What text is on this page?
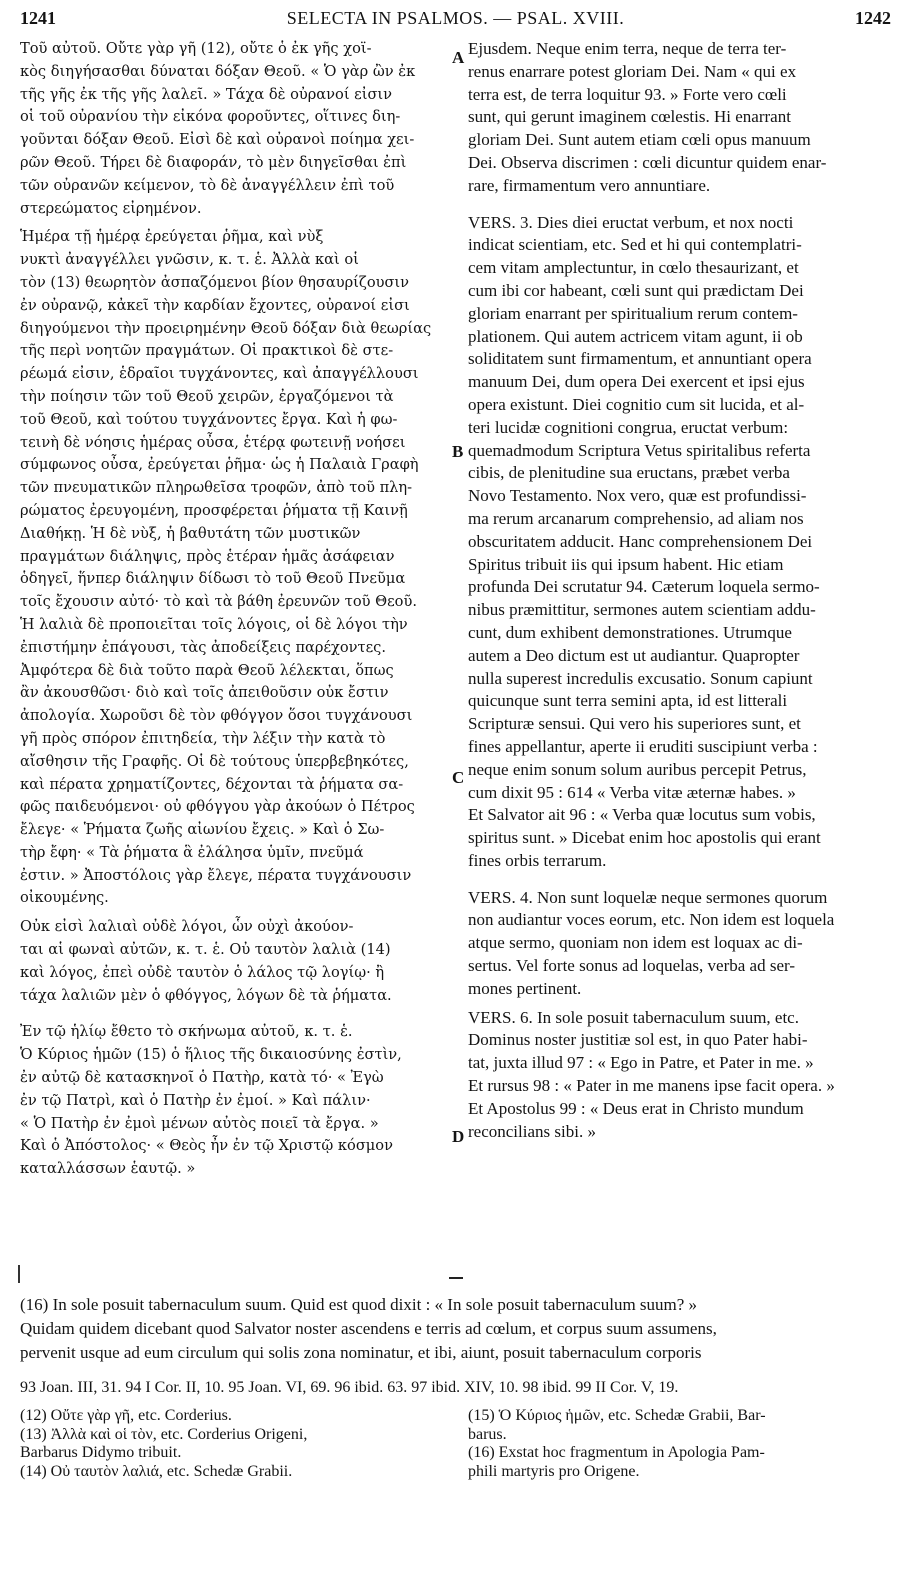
1241	SELECTA IN PSALMOS. — PSAL. XVIII.	1242
Τοῦ αὐτοῦ. Οὔτε γὰρ γῆ (12), οὔτε ὁ ἐκ γῆς χοϊ-
κὸς διηγήσασθαι δύναται δόξαν Θεοῦ. « Ὁ γὰρ ὢν ἐκ
τῆς γῆς ἐκ τῆς γῆς λαλεῖ. » Τάχα δὲ οὐρανοί εἰσιν
οἱ τοῦ οὐρανίου τὴν εἰκόνα φοροῦντες, οἵτινες διη-
γοῦνται δόξαν Θεοῦ. Εἰσὶ δὲ καὶ οὐρανοὶ ποίημα χει-
ρῶν Θεοῦ. Τήρει δὲ διαφοράν, τὸ μὲν διηγεῖσθαι ἐπὶ
τῶν οὐρανῶν κείμενον, τὸ δὲ ἀναγγέλλειν ἐπὶ τοῦ
στερεώματος εἰρημένον.
Ἡμέρα τῇ ἡμέρᾳ ἐρεύγεται ῥῆμα, καὶ νὺξ
νυκτὶ ἀναγγέλλει γνῶσιν, κ. τ. ἑ. Ἀλλὰ καὶ οἱ
τὸν (13) θεωρητὸν ἀσπαζόμενοι βίον θησαυρίζουσιν
ἐν οὐρανῷ, κἀκεῖ τὴν καρδίαν ἔχοντες, οὐρανοί εἰσι
διηγούμενοι τὴν προειρημένην Θεοῦ δόξαν διὰ θεωρίας
τῆς περὶ νοητῶν πραγμάτων. Οἱ πρακτικοὶ δὲ στε-
ρέωμά εἰσιν, ἑδραῖοι τυγχάνοντες, καὶ ἀπαγγέλλουσι
τὴν ποίησιν τῶν τοῦ Θεοῦ χειρῶν, ἐργαζόμενοι τὰ
τοῦ Θεοῦ, καὶ τούτου τυγχάνοντες ἔργα. Καὶ ἡ φω-
τεινὴ δὲ νόησις ἡμέρας οὖσα, ἑτέρᾳ φωτεινῇ νοήσει
σύμφωνος οὖσα, ἐρεύγεται ῥῆμα· ὡς ἡ Παλαιὰ Γραφὴ
τῶν πνευματικῶν πληρωθεῖσα τροφῶν, ἀπὸ τοῦ πλη-
ρώματος ἐρευγομένη, προσφέρεται ῥήματα τῇ Καινῇ
Διαθήκῃ. Ἡ δὲ νὺξ, ἡ βαθυτάτη τῶν μυστικῶν
πραγμάτων διάληψις, πρὸς ἑτέραν ἡμᾶς ἀσάφειαν
ὁδηγεῖ, ἥνπερ διάληψιν δίδωσι τὸ τοῦ Θεοῦ Πνεῦμα
τοῖς ἔχουσιν αὐτό· τὸ καὶ τὰ βάθη ἐρευνῶν τοῦ Θεοῦ.
Ἡ λαλιὰ δὲ προποιεῖται τοῖς λόγοις, οἱ δὲ λόγοι τὴν
ἐπιστήμην ἐπάγουσι, τὰς ἀποδείξεις παρέχοντες.
Ἀμφότερα δὲ διὰ τοῦτο παρὰ Θεοῦ λέλεκται, ὅπως
ἂν ἀκουσθῶσι· διὸ καὶ τοῖς ἀπειθοῦσιν οὐκ ἔστιν
ἀπολογία. Χωροῦσι δὲ τὸν φθόγγον ὅσοι τυγχάνουσι
γῆ πρὸς σπόρον ἐπιτηδεία, τὴν λέξιν τὴν κατὰ τὸ
αἴσθησιν τῆς Γραφῆς. Οἱ δὲ τούτους ὑπερβεβηκότες,
καὶ πέρατα χρηματίζοντες, δέχονται τὰ ῥήματα σα-
φῶς παιδευόμενοι· οὐ φθόγγου γὰρ ἀκούων ὁ Πέτρος
ἔλεγε· « Ῥήματα ζωῆς αἰωνίου ἔχεις. » Καὶ ὁ Σω-
τὴρ ἔφη· « Τὰ ῥήματα ἃ ἐλάλησα ὑμῖν, πνεῦμά
ἐστιν. » Ἀποστόλοις γὰρ ἔλεγε, πέρατα τυγχάνουσιν
οἰκουμένης.
Οὐκ εἰσὶ λαλιαὶ οὐδὲ λόγοι, ὧν οὐχὶ ἀκούον-
ται αἱ φωναὶ αὐτῶν, κ. τ. ἑ. Οὐ ταυτὸν λαλιὰ (14)
καὶ λόγος, ἐπεὶ οὐδὲ ταυτὸν ὁ λάλος τῷ λογίῳ· ἢ
τάχα λαλιῶν μὲν ὁ φθόγγος, λόγων δὲ τὰ ῥήματα.
Ἐν τῷ ἡλίῳ ἔθετο τὸ σκήνωμα αὐτοῦ, κ. τ. ἑ.
Ὁ Κύριος ἡμῶν (15) ὁ ἥλιος τῆς δικαιοσύνης ἐστὶν,
ἐν αὐτῷ δὲ κατασκηνοῖ ὁ Πατὴρ, κατὰ τό· « Ἐγὼ
ἐν τῷ Πατρὶ, καὶ ὁ Πατὴρ ἐν ἐμοί. » Καὶ πάλιν·
« Ὁ Πατὴρ ἐν ἐμοὶ μένων αὐτὸς ποιεῖ τὰ ἔργα. »
Καὶ ὁ Ἀπόστολος· « Θεὸς ἦν ἐν τῷ Χριστῷ κόσμον
καταλλάσσων ἑαυτῷ. »
Ejusdem. Neque enim terra, neque de terra ter-
renus enarrare potest gloriam Dei. Nam « qui ex
terra est, de terra loquitur 93. » Forte vero cœli
sunt, qui gerunt imaginem cœlestis. Hi enarrant
gloriam Dei. Sunt autem etiam cœli opus manuum
Dei. Observa discrimen : cœli dicuntur quidem enar-
rare, firmamentum vero annuntiare.
VERS. 3. Dies diei eructat verbum, et nox nocti
indicat scientiam, etc. Sed et hi qui contemplatri-
cem vitam amplectuntur, in cœlo thesaurizant, et
cum ibi cor habeant, cœli sunt qui prædictam Dei
gloriam enarrant per spiritualium rerum contem-
plationem. Qui autem actricem vitam agunt, ii ob
soliditatem sunt firmamentum, et annuntiant opera
manuum Dei, dum opera Dei exercent et ipsi ejus
opera existunt. Diei cognitio cum sit lucida, et al-
teri lucidæ cognitioni congrua, eructat verbum:
quemadmodum Scriptura Vetus spiritalibus referta
cibis, de plenitudine sua eructans, præbet verba
Novo Testamento. Nox vero, quæ est profundissi-
ma rerum arcanarum comprehensio, ad aliam nos
obscuritatem adducit. Hanc comprehensionem Dei
Spiritus tribuit iis qui ipsum habent. Hic etiam
profunda Dei scrutatur 94. Cæterum loquela sermo-
nibus præmittitur, sermones autem scientiam addu-
cunt, dum exhibent demonstrationes. Utrumque
autem a Deo dictum est ut audiantur. Quapropter
nulla superest incredulis excusatio. Sonum capiunt
quicunque sunt terra semini apta, id est litterali
Scripturæ sensui. Qui vero his superiores sunt, et
fines appellantur, aperte ii eruditi suscipiunt verba :
neque enim sonum solum auribus percepit Petrus,
cum dixit 95 : 614 « Verba vitæ æternæ habes. »
Et Salvator ait 96 : « Verba quæ locutus sum vobis,
spiritus sunt. » Dicebat enim hoc apostolis qui erant
fines orbis terrarum.
VERS. 4. Non sunt loquelæ neque sermones quorum
non audiantur voces eorum, etc. Non idem est loquela
atque sermo, quoniam non idem est loquax ac di-
sertus. Vel forte sonus ad loquelas, verba ad ser-
mones pertinent.
VERS. 6. In sole posuit tabernaculum suum, etc.
Dominus noster justitiæ sol est, in quo Pater habi-
tat, juxta illud 97 : « Ego in Patre, et Pater in me. »
Et rursus 98 : « Pater in me manens ipse facit opera. »
Et Apostolus 99 : « Deus erat in Christo mundum
reconcilians sibi. »
A
B
C
D
(16) In sole posuit tabernaculum suum. Quid est quod dixit : « In sole posuit tabernaculum suum? »
Quidam quidem dicebant quod Salvator noster ascendens e terris ad cœlum, et corpus suum assumens,
pervenit usque ad eum circulum qui solis zona nominatur, et ibi, aiunt, posuit tabernaculum corporis
93 Joan. III, 31. 94 I Cor. II, 10. 95 Joan. VI, 69. 96 ibid. 63. 97 ibid. XIV, 10. 98 ibid. 99 II Cor. V, 19.
(12) Οὔτε γὰρ γῆ, etc. Corderius.
(13) Ἀλλὰ καὶ οἱ τὸν, etc. Corderius Origeni,
Barbarus Didymo tribuit.
(14) Οὐ ταυτὸν λαλιά, etc. Schedæ Grabii.
(15) Ὁ Κύριος ἡμῶν, etc. Schedæ Grabii, Bar-
barus.
(16) Exstat hoc fragmentum in Apologia Pam-
phili martyris pro Origene.
